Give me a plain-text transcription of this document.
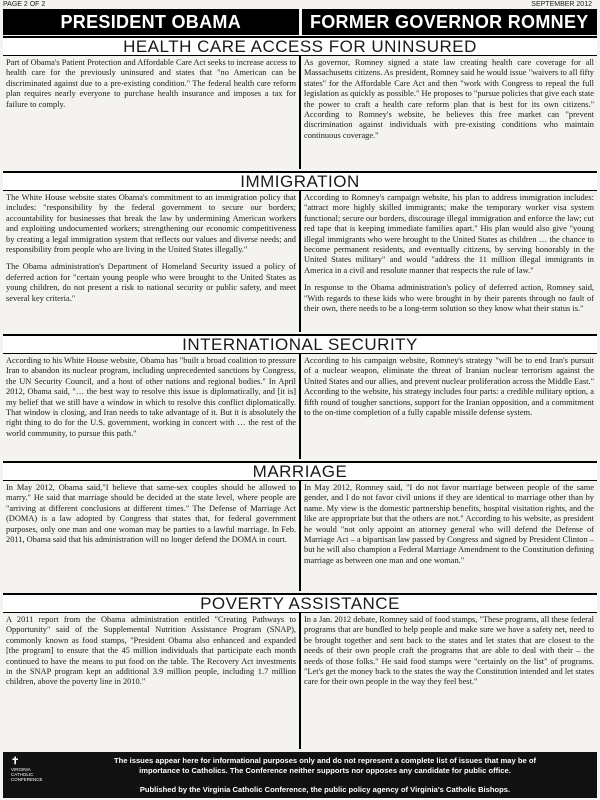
PAGE 2 OF 2	SEPTEMBER 2012
PRESIDENT OBAMA	FORMER GOVERNOR ROMNEY
HEALTH CARE ACCESS FOR UNINSURED

Part of Obama's Patient Protection and Affordable Care Act seeks to increase access to health care for the previously uninsured and states that "no American can be discriminated against due to a pre-existing condition." The federal health care reform plan requires nearly everyone to purchase health insurance and imposes a tax for failure to comply.

As governor, Romney signed a state law creating health care coverage for all Massachusetts citizens. As president, Romney said he would issue "waivers to all fifty states" for the Affordable Care Act and then "work with Congress to repeal the full legislation as quickly as possible." He proposes to "pursue policies that give each state the power to craft a health care reform plan that is best for its own citizens." According to Romney's website, he believes this free market can "prevent discrimination against individuals with pre-existing conditions who maintain continuous coverage."

IMMIGRATION

The White House website states Obama's commitment to an immigration policy that includes: "responsibility by the federal government to secure our borders; accountability for businesses that break the law by undermining American workers and exploiting undocumented workers; strengthening our economic competitiveness by creating a legal immigration system that reflects our values and diverse needs; and responsibility from people who are living in the United States illegally."

The Obama administration's Department of Homeland Security issued a policy of deferred action for "certain young people who were brought to the United States as young children, do not present a risk to national security or public safety, and meet several key criteria."

According to Romney's campaign website, his plan to address immigration includes: "attract more highly skilled immigrants; make the temporary worker visa system functional; secure our borders, discourage illegal immigration and enforce the law; cut red tape that is keeping immediate families apart." His plan would also give "young illegal immigrants who were brought to the United States as children … the chance to become permanent residents, and eventually citizens, by serving honorably in the United States military" and would "address the 11 million illegal immigrants in America in a civil and resolute manner that respects the rule of law."

In response to the Obama administration's policy of deferred action, Romney said, "With regards to these kids who were brought in by their parents through no fault of their own, there needs to be a long-term solution so they know what their status is."

INTERNATIONAL SECURITY

According to his White House website, Obama has "built a broad coalition to pressure Iran to abandon its nuclear program, including unprecedented sanctions by Congress, the UN Security Council, and a host of other nations and regional bodies." In April 2012, Obama said, "… the best way to resolve this issue is diplomatically, and [it is] my belief that we still have a window in which to resolve this conflict diplomatically. That window is closing, and Iran needs to take advantage of it. But it is absolutely the right thing to do for the U.S. government, working in concert with … the rest of the world community, to pursue this path."

According to his campaign website, Romney's strategy "will be to end Iran's pursuit of a nuclear weapon, eliminate the threat of Iranian nuclear terrorism against the United States and our allies, and prevent nuclear proliferation across the Middle East." According to the website, his strategy includes four parts: a credible military option, a fifth round of tougher sanctions, support for the Iranian opposition, and a commitment to the on-time completion of a fully capable missile defense system.

MARRIAGE

In May 2012, Obama said,"I believe that same-sex couples should be allowed to marry." He said that marriage should be decided at the state level, where people are "arriving at different conclusions at different times." The Defense of Marriage Act (DOMA) is a law adopted by Congress that states that, for federal government purposes, only one man and one woman may be parties to a lawful marriage. In Feb. 2011, Obama said that his administration will no longer defend the DOMA in court.

In May 2012, Romney said, "I do not favor marriage between people of the same gender, and I do not favor civil unions if they are identical to marriage other than by name. My view is the domestic partnership benefits, hospital visitation rights, and the like are appropriate but that the others are not." According to his website, as president he would "not only appoint an attorney general who will defend the Defense of Marriage Act – a bipartisan law passed by Congress and signed by President Clinton – but he will also champion a Federal Marriage Amendment to the Constitution defining marriage as between one man and one woman."

POVERTY ASSISTANCE

A 2011 report from the Obama administration entitled "Creating Pathways to Opportunity" said of the Supplemental Nutrition Assistance Program (SNAP), commonly known as food stamps, "President Obama also enhanced and expanded [the program] to ensure that the 45 million individuals that participate each month continued to have the means to put food on the table. The Recovery Act investments in the SNAP program kept an additional 3.9 million people, including 1.7 million children, above the poverty line in 2010."

In a Jan. 2012 debate, Romney said of food stamps, "These programs, all these federal programs that are bundled to help people and make sure we have a safety net, need to be brought together and sent back to the states and let states that are closest to the needs of their own people craft the programs that are able to deal with their – the needs of those folks." He said food stamps were "certainly on the list" of programs. "Let's get the money back to the states the way the Constitution intended and let states care for their own people in the way they feel best."

✝
VIRGINIA
CATHOLIC
CONFERENCE
The issues appear here for informational purposes only and do not represent a complete list of issues that may be of importance to Catholics. The Conference neither supports nor opposes any candidate for public office.
Published by the Virginia Catholic Conference, the public policy agency of Virginia's Catholic Bishops.
